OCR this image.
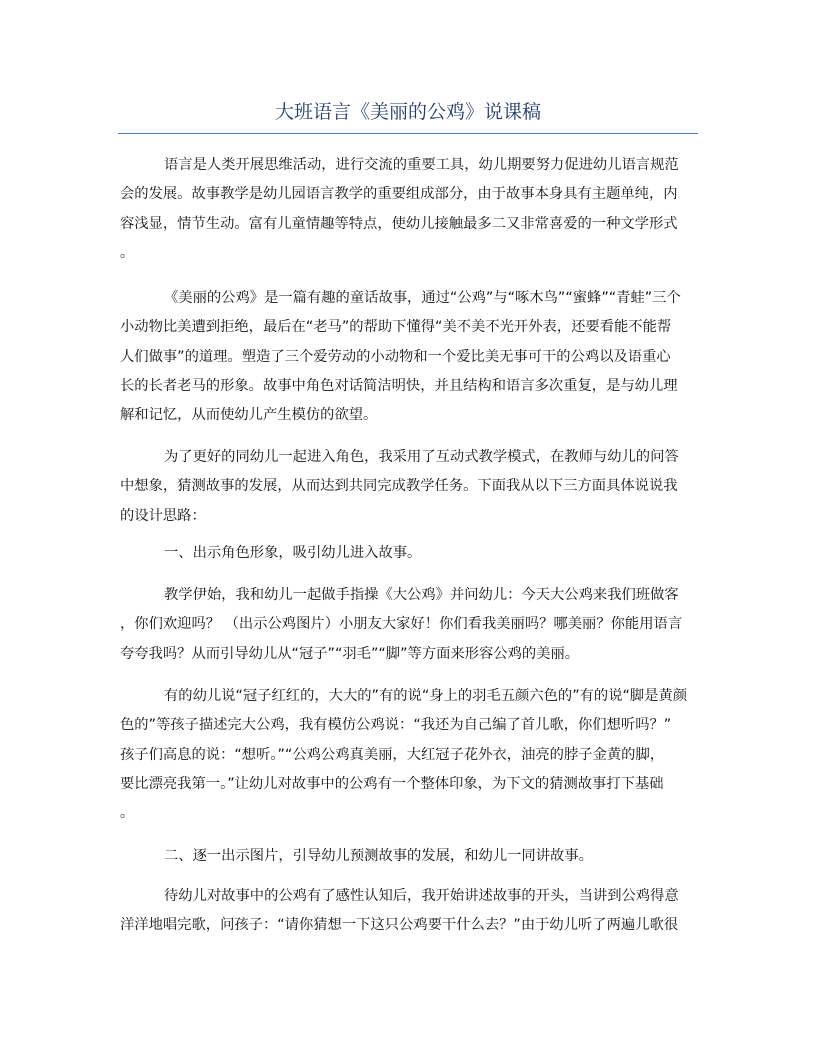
大班语言《美丽的公鸡》说课稿
语言是人类开展思维活动，进行交流的重要工具，幼儿期要努力促进幼儿语言规范
会的发展。故事教学是幼儿园语言教学的重要组成部分，由于故事本身具有主题单纯，内
容浅显，情节生动。富有儿童情趣等特点，使幼儿接触最多二又非常喜爱的一种文学形式
。
《美丽的公鸡》是一篇有趣的童话故事，通过“公鸡”与“啄木鸟”“蜜蜂”“青蛙”三个
小动物比美遭到拒绝，最后在“老马”的帮助下懂得“美不美不光开外表，还要看能不能帮
人们做事”的道理。塑造了三个爱劳动的小动物和一个爱比美无事可干的公鸡以及语重心
长的长者老马的形象。故事中角色对话简洁明快，并且结构和语言多次重复，是与幼儿理
解和记忆，从而使幼儿产生模仿的欲望。
为了更好的同幼儿一起进入角色，我采用了互动式教学模式，在教师与幼儿的问答
中想象，猜测故事的发展，从而达到共同完成教学任务。下面我从以下三方面具体说说我
的设计思路：
一、出示角色形象，吸引幼儿进入故事。
教学伊始，我和幼儿一起做手指操《大公鸡》并问幼儿：今天大公鸡来我们班做客
，你们欢迎吗？ （出示公鸡图片）小朋友大家好！你们看我美丽吗？哪美丽？你能用语言
夸夸我吗？从而引导幼儿从“冠子”“羽毛”“脚”等方面来形容公鸡的美丽。
有的幼儿说“冠子红红的，大大的”有的说“身上的羽毛五颜六色的”有的说“脚是黄颜
色的”等孩子描述完大公鸡，我有模仿公鸡说：“我还为自己编了首儿歌，你们想听吗？”
孩子们高息的说：“想听。”“公鸡公鸡真美丽，大红冠子花外衣，油亮的脖子金黄的脚，
要比漂亮我第一。”让幼儿对故事中的公鸡有一个整体印象，为下文的猜测故事打下基础
。
二、逐一出示图片，引导幼儿预测故事的发展，和幼儿一同讲故事。
待幼儿对故事中的公鸡有了感性认知后，我开始讲述故事的开头，当讲到公鸡得意
洋洋地唱完歌，问孩子：“请你猜想一下这只公鸡要干什么去？”由于幼儿听了两遍儿歌很
